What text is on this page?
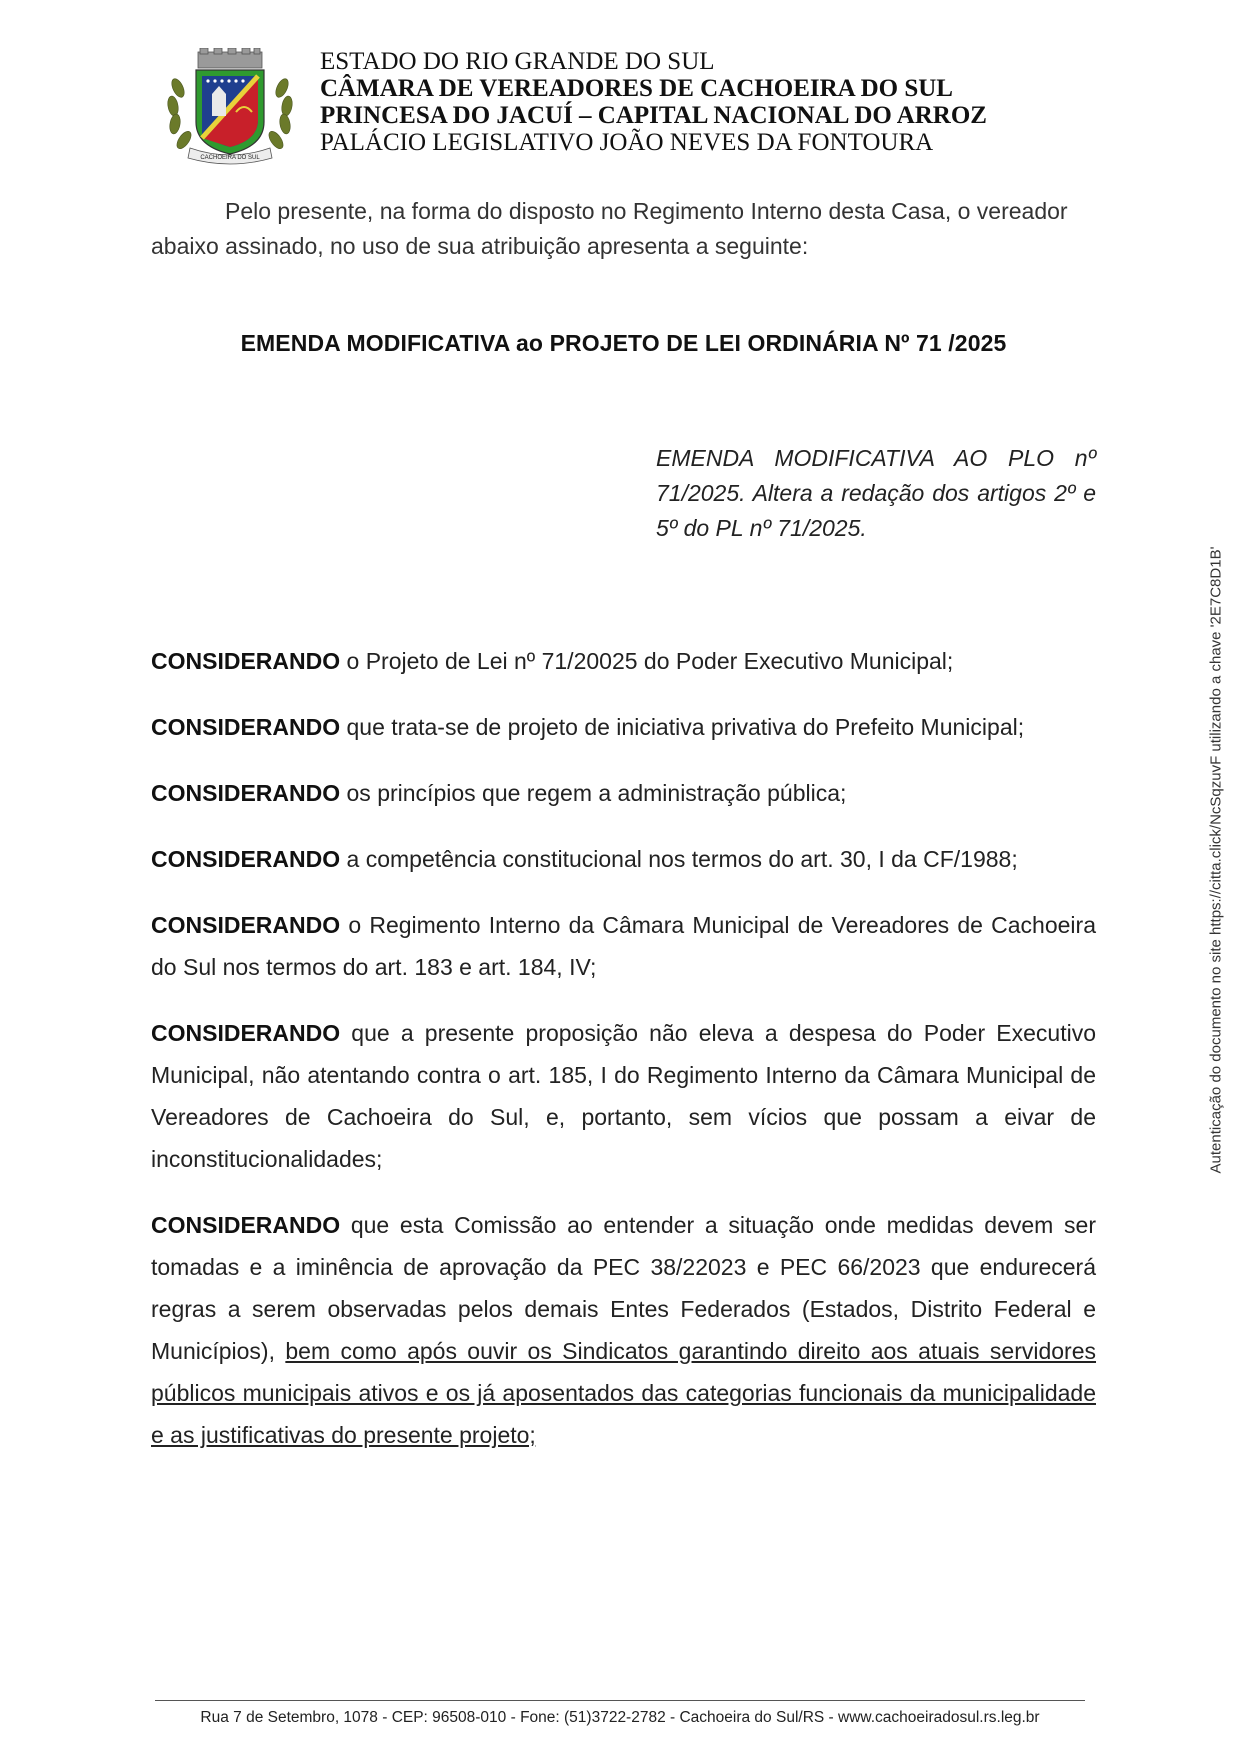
CACHOEIRA DO SUL
ESTADO DO RIO GRANDE DO SUL
CÂMARA DE VEREADORES DE CACHOEIRA DO SUL
PRINCESA DO JACUÍ – CAPITAL NACIONAL DO ARROZ
PALÁCIO LEGISLATIVO JOÃO NEVES DA FONTOURA

Pelo presente, na forma do disposto no Regimento Interno desta Casa, o vereador abaixo assinado, no uso de sua atribuição apresenta a seguinte:

EMENDA MODIFICATIVA ao PROJETO DE LEI ORDINÁRIA Nº 71 /2025
EMENDA MODIFICATIVA AO PLO nº 71/2025. Altera a redação dos artigos 2º e 5º do PL nº 71/2025.

CONSIDERANDO o Projeto de Lei nº 71/20025 do Poder Executivo Municipal;

CONSIDERANDO que trata-se de projeto de iniciativa privativa do Prefeito Municipal;

CONSIDERANDO os princípios que regem a administração pública;

CONSIDERANDO a competência constitucional nos termos do art. 30, I da CF/1988;

CONSIDERANDO o Regimento Interno da Câmara Municipal de Vereadores de Cachoeira do Sul nos termos do art. 183 e art. 184, IV;

CONSIDERANDO que a presente proposição não eleva a despesa do Poder Executivo Municipal, não atentando contra o art. 185, I do Regimento Interno da Câmara Municipal de Vereadores de Cachoeira do Sul, e, portanto, sem vícios que possam a eivar de inconstitucionalidades;

CONSIDERANDO que esta Comissão ao entender a situação onde medidas devem ser tomadas e a iminência de aprovação da PEC 38/22023 e PEC 66/2023 que endurecerá regras a serem observadas pelos demais Entes Federados (Estados, Distrito Federal e Municípios), bem como após ouvir os Sindicatos garantindo direito aos atuais servidores públicos municipais ativos e os já aposentados das categorias funcionais da municipalidade e as justificativas do presente projeto;

Rua 7 de Setembro, 1078 - CEP: 96508-010 - Fone: (51)3722-2782 - Cachoeira do Sul/RS - www.cachoeiradosul.rs.leg.br
Autenticação do documento no site https://citta.click/NcSqzuvF utilizando a chave '2E7C8D1B'
